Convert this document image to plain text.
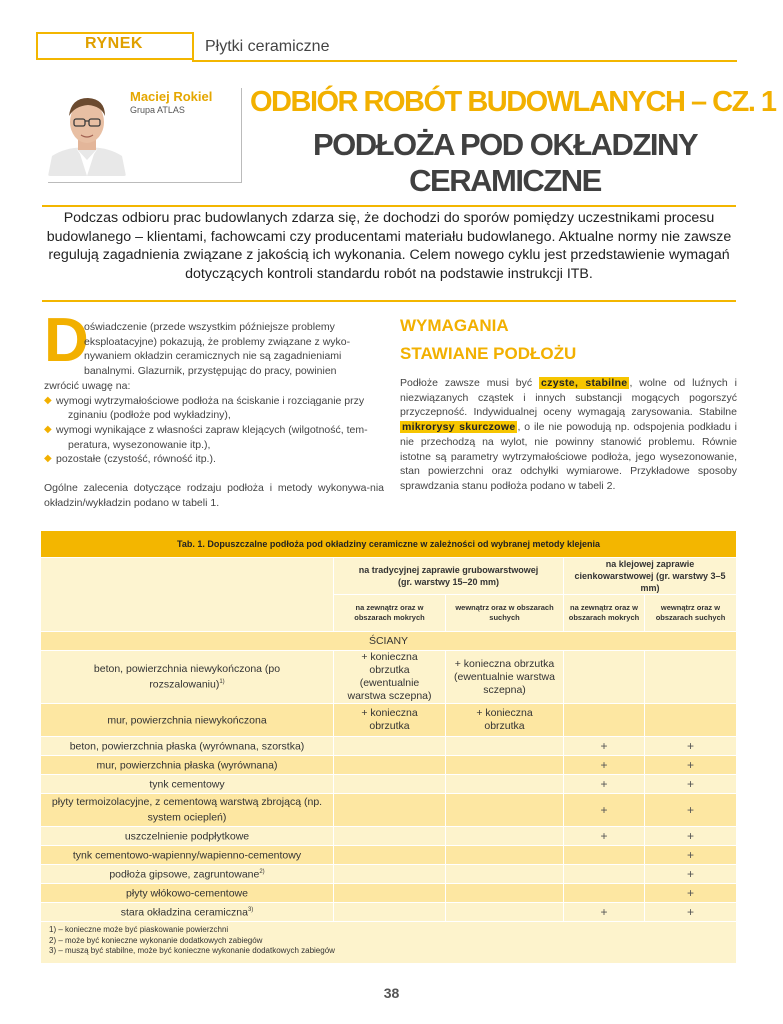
RYNEK	Płytki ceramiczne
Maciej Rokiel
Grupa ATLAS ODBIÓR ROBÓT BUDOWLANYCH – CZ. 1
PODŁOŻA POD OKŁADZINY
CERAMICZNE
Podczas odbioru prac budowlanych zdarza się, że dochodzi do sporów pomiędzy uczestnikami procesu budowlanego – klientami, fachowcami czy producentami materiału budowlanego. Aktualne normy nie zawsze regulują zagadnienia związane z jakością ich wykonania. Celem nowego cyklu jest przedstawienie wymagań dotyczących kontroli standardu robót na podstawie instrukcji ITB.
D
oświadczenie (przede wszystkim późniejsze problemy
eksploatacyjne) pokazują, że problemy związane z wyko-
nywaniem okładzin ceramicznych nie są zagadnieniami
banalnymi. Glazurnik, przystępując do pracy, powinien
zwrócić uwagę na:
◆ wymogi wytrzymałościowe podłoża na ściskanie i rozciąganie przy
zginaniu (podłoże pod wykładziny),
◆ wymogi wynikające z własności zapraw klejących (wilgotność, tem-
peratura, wysezonowanie itp.),
◆ pozostałe (czystość, równość itp.).
Ogólne zalecenia dotyczące rodzaju podłoża i metody wykonywa-nia okładzin/wykładzin podano w tabeli 1.
WYMAGANIA
STAWIANE PODŁOŻU
Podłoże zawsze musi być czyste, stabilne , wolne od luźnych i niezwiązanych cząstek i innych substancji mogących pogorszyć przyczepność. Indywidualnej oceny wymagają zarysowania. Stabilne mikrorysy skurczowe , o ile nie powodują np. odspojenia podkładu i nie przechodzą na wylot, nie powinny stanowić problemu. Równie istotne są parametry wytrzymałościowe podłoża, jego wysezonowanie, stan powierzchni oraz odchyłki wymiarowe. Przykładowe sposoby sprawdzania stanu podłoża podano w tabeli 2.
Tab. 1. Dopuszczalne podłoża pod okładziny ceramiczne w zależności od wybranej metody klejenia				
	na tradycyjnej zaprawie grubowarstwowej (gr. warstwy 15–20 mm)		na klejowej zaprawie cienkowarstwowej (gr. warstwy 3–5 mm)	
	na zewnątrz oraz w obszarach mokrych	wewnątrz oraz w obszarach suchych	na zewnątrz oraz w obszarach mokrych	wewnątrz oraz w obszarach suchych
ŚCIANY				
beton, powierzchnia niewykończona (po rozszalowaniu)$^{1)}$	+ konieczna obrzutka (ewentualnie warstwa sczepna)	+ konieczna obrzutka (ewentualnie warstwa sczepna)		
mur, powierzchnia niewykończona	+ konieczna obrzutka	+ konieczna obrzutka		
beton, powierzchnia płaska (wyrównana, szorstka)			+	+
mur, powierzchnia płaska (wyrównana)			+	+
tynk cementowy			+	+
płyty termoizolacyjne, z cementową warstwą zbrojącą (np. system ociepleń)			+	+
uszczelnienie podpłytkowe			+	+
tynk cementowo-wapienny/wapienno-cementowy				+
podłoża gipsowe, zagruntowane$^{2)}$				+
płyty włókowo-cementowe				+
stara okładzina ceramiczna$^{3)}$			+	+

1) – konieczne może być piaskowanie powierzchni
2) – może być konieczne wykonanie dodatkowych zabiegów
3) – muszą być stabilne, może być konieczne wykonanie dodatkowych zabiegów				
38
